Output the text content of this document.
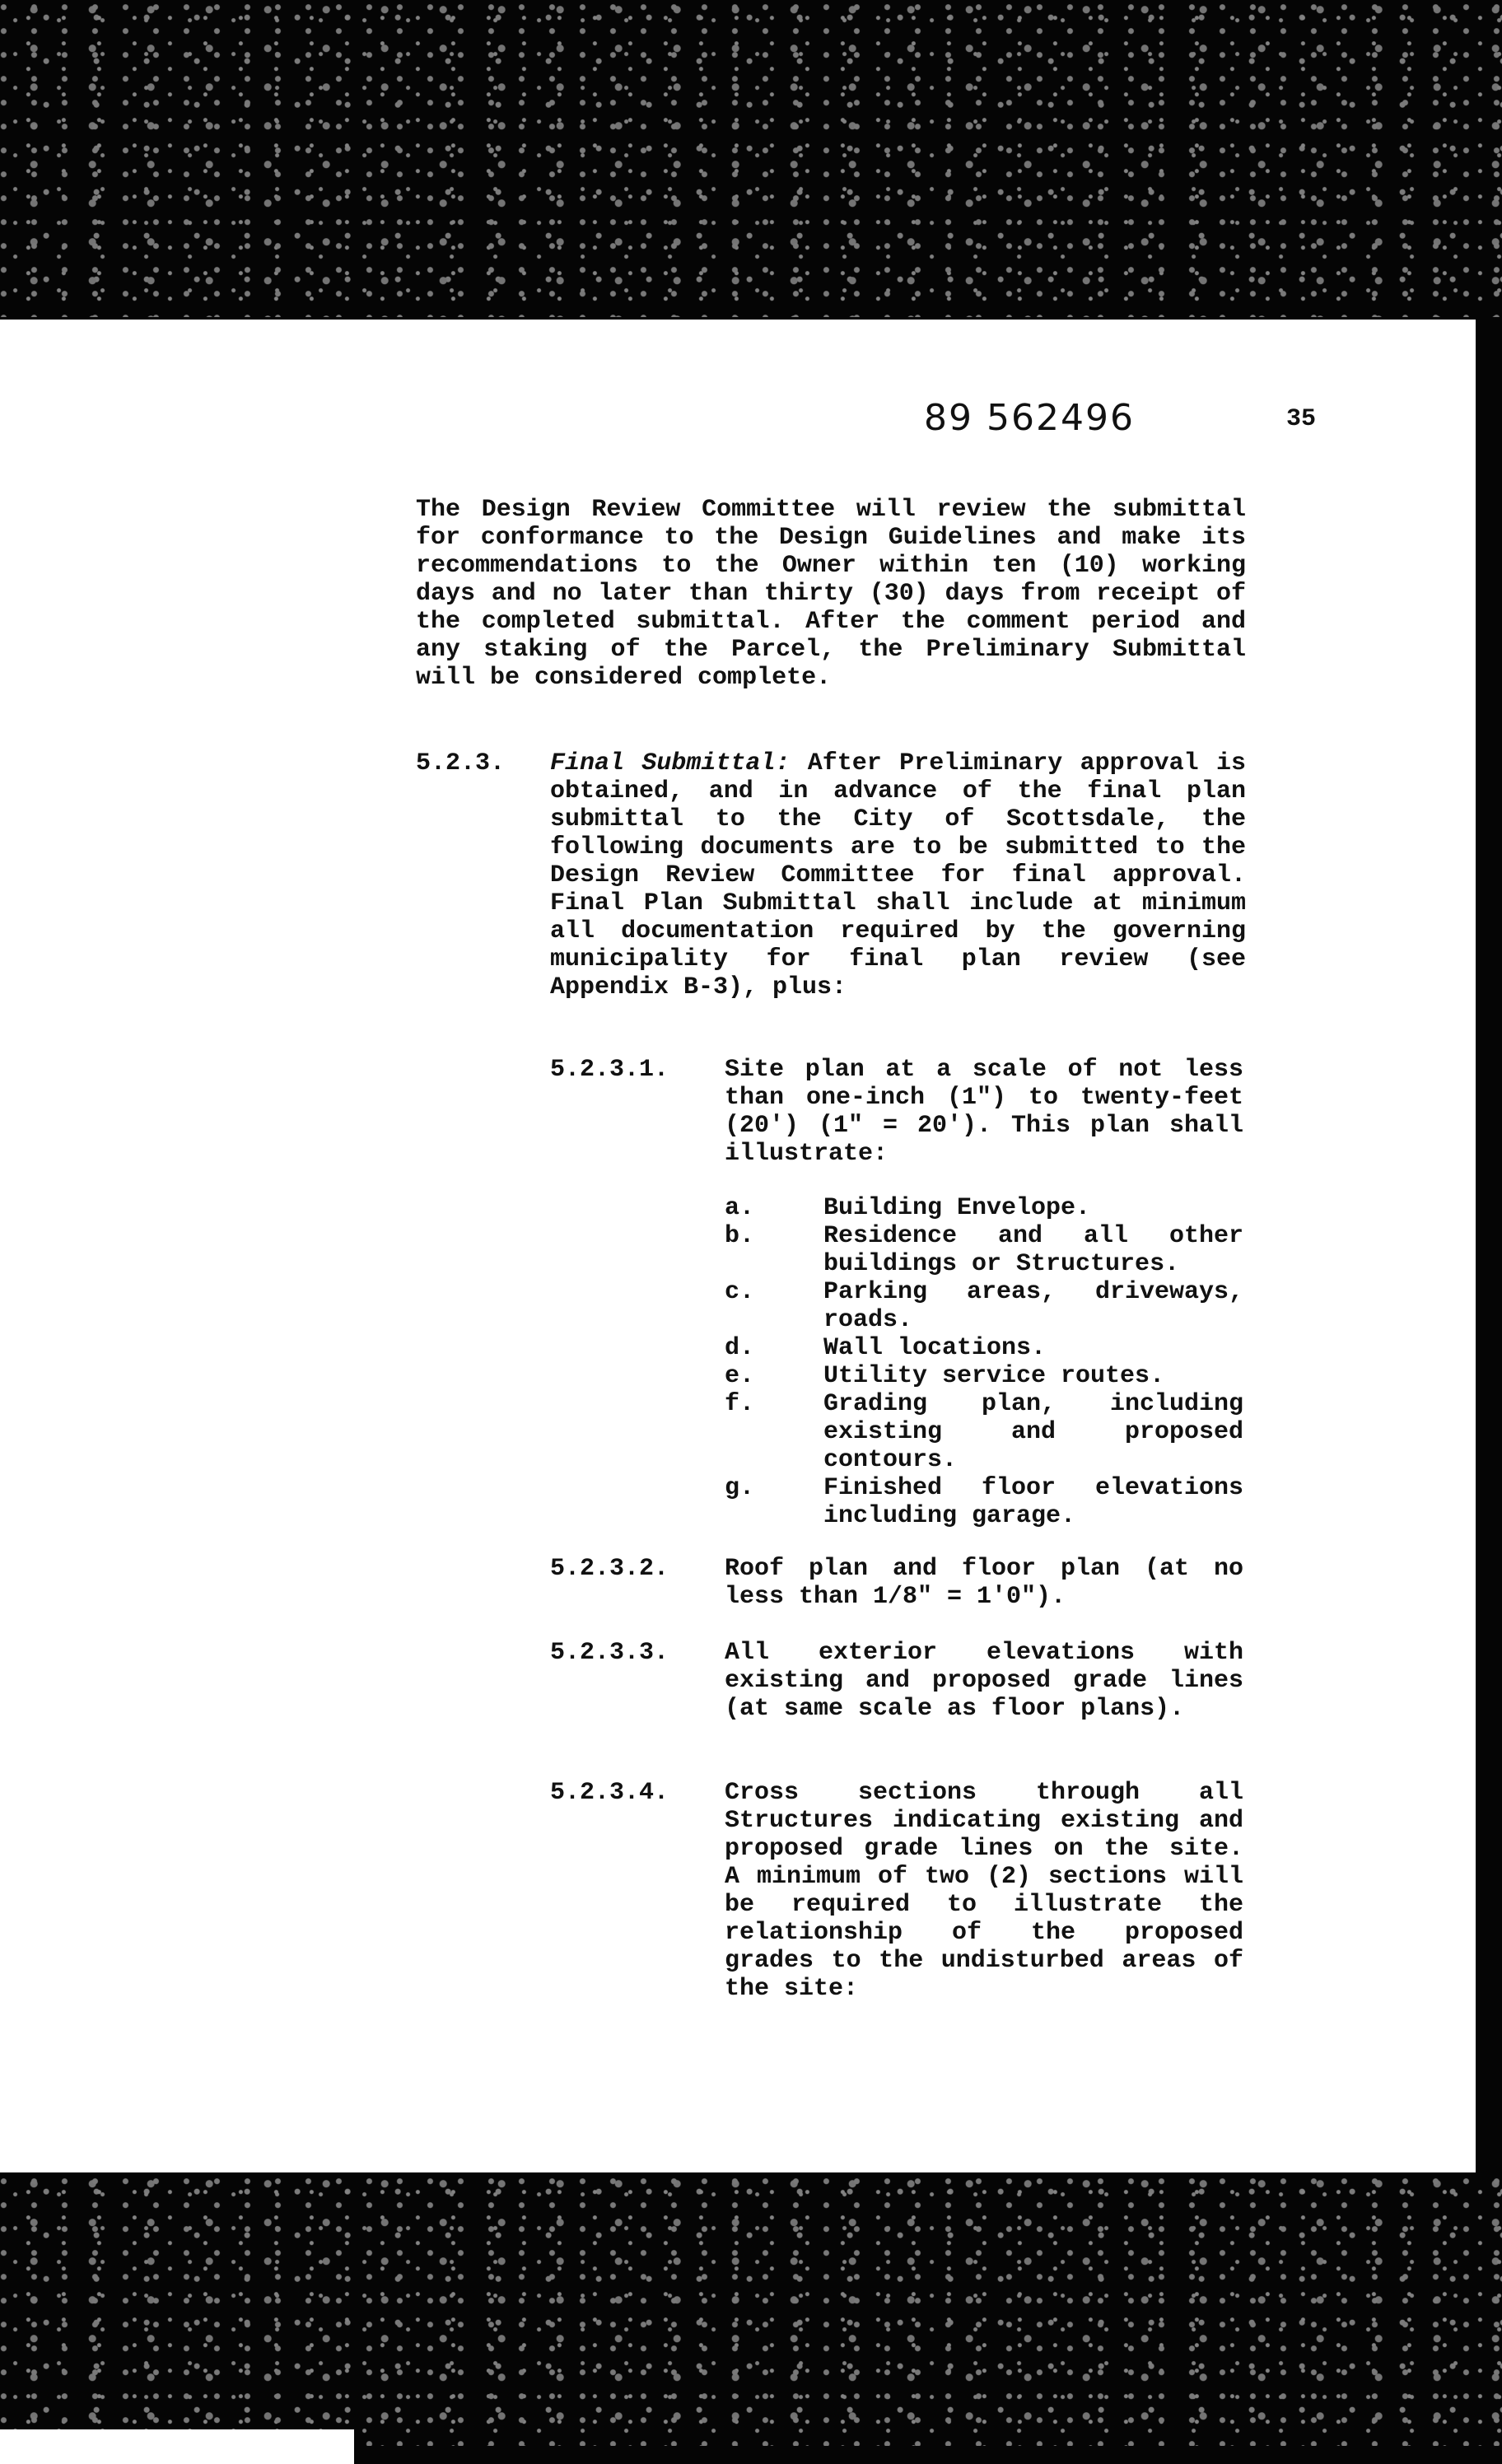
89 562496	35

The Design Review Committee will review the submittal for conformance to the Design Guidelines and make its recommendations to the Owner within ten (10) working days and no later than thirty (30) days from receipt of the completed submittal. After the comment period and any staking of the Parcel, the Preliminary Submittal will be considered complete.

5.2.3. Final Submittal: After Preliminary approval is obtained, and in advance of the final plan submittal to the City of Scottsdale, the following documents are to be submitted to the Design Review Committee for final approval. Final Plan Submittal shall include at minimum all documentation required by the governing municipality for final plan review (see Appendix B-3), plus:

5.2.3.1. Site plan at a scale of not less than one-inch (1") to twenty-feet (20') (1" = 20'). This plan shall illustrate:

a.	Building Envelope.
b.	Residence and all other buildings or Structures.
c.	Parking areas, driveways, roads.
d.	Wall locations.
e.	Utility service routes.
f.	Grading plan, including existing and proposed contours.
g.	Finished floor elevations including garage.
5.2.3.2. Roof plan and floor plan (at no less than 1/8" = 1'0").

5.2.3.3. All exterior elevations with existing and proposed grade lines (at same scale as floor plans).

5.2.3.4. Cross sections through all Structures indicating existing and proposed grade lines on the site. A minimum of two (2) sections will be required to illustrate the relationship of the proposed grades to the undisturbed areas of the site:
